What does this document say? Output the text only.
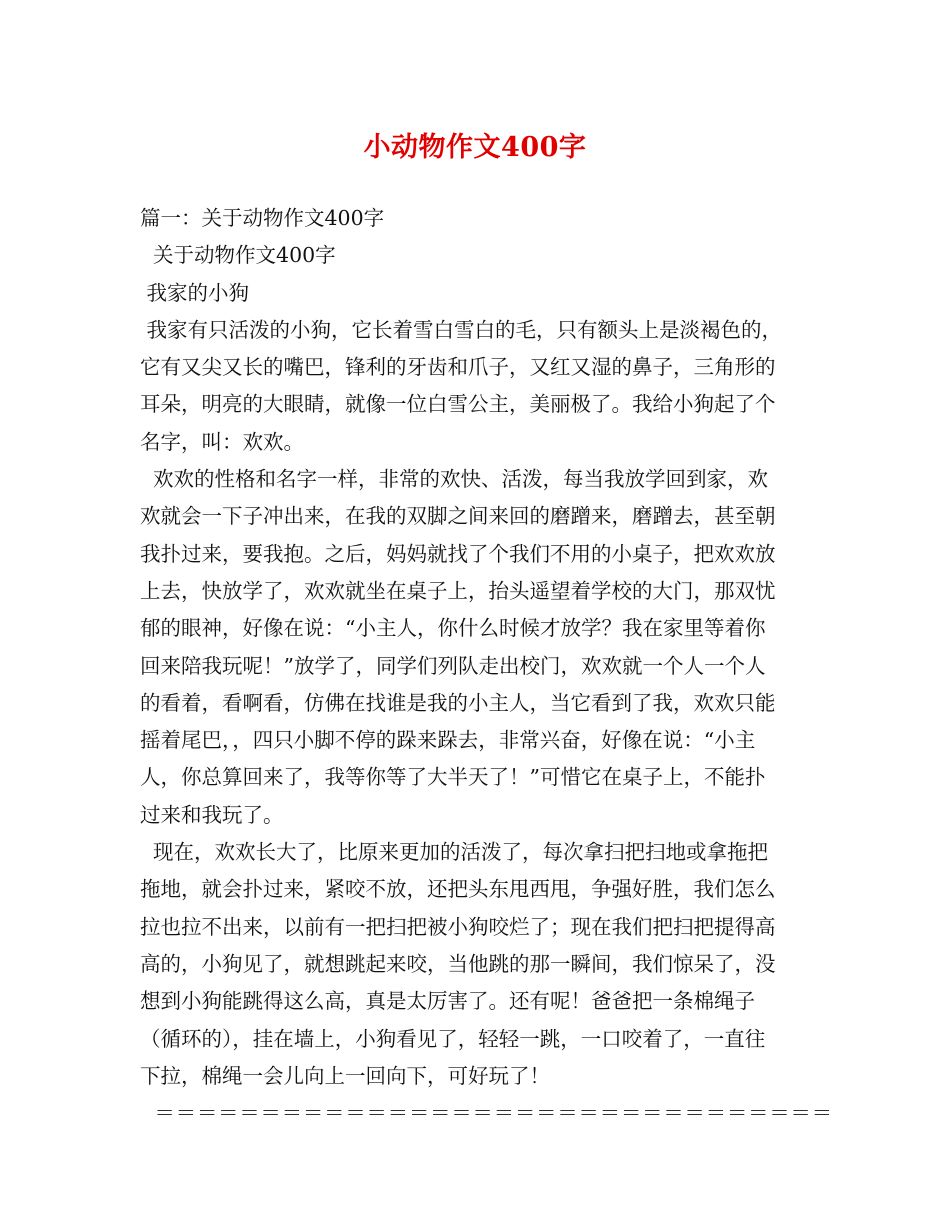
小动物作文400字
篇一：关于动物作文400字
关于动物作文400字
我家的小狗
我家有只活泼的小狗，它长着雪白雪白的毛，只有额头上是淡褐色的，
它有又尖又长的嘴巴，锋利的牙齿和爪子，又红又湿的鼻子，三角形的
耳朵，明亮的大眼睛，就像一位白雪公主，美丽极了。我给小狗起了个
名字，叫：欢欢。
欢欢的性格和名字一样，非常的欢快、活泼，每当我放学回到家，欢
欢就会一下子冲出来，在我的双脚之间来回的磨蹭来，磨蹭去，甚至朝
我扑过来，要我抱。之后，妈妈就找了个我们不用的小桌子，把欢欢放
上去，快放学了，欢欢就坐在桌子上，抬头遥望着学校的大门，那双忧
郁的眼神，好像在说：“小主人，你什么时候才放学？我在家里等着你
回来陪我玩呢！”放学了，同学们列队走出校门，欢欢就一个人一个人
的看着，看啊看，仿佛在找谁是我的小主人，当它看到了我，欢欢只能
摇着尾巴，，四只小脚不停的跺来跺去，非常兴奋，好像在说：“小主
人，你总算回来了，我等你等了大半天了！”可惜它在桌子上，不能扑
过来和我玩了。
现在，欢欢长大了，比原来更加的活泼了，每次拿扫把扫地或拿拖把
拖地，就会扑过来，紧咬不放，还把头东甩西甩，争强好胜，我们怎么
拉也拉不出来，以前有一把扫把被小狗咬烂了；现在我们把扫把提得高
高的，小狗见了，就想跳起来咬，当他跳的那一瞬间，我们惊呆了，没
想到小狗能跳得这么高，真是太厉害了。还有呢！爸爸把一条棉绳子
（循环的），挂在墙上，小狗看见了，轻轻一跳，一口咬着了，一直往
下拉，棉绳一会儿向上一回向下，可好玩了！
＝＝＝＝＝＝＝＝＝＝＝＝＝＝＝＝＝＝＝＝＝＝＝＝＝＝＝＝＝＝＝＝
